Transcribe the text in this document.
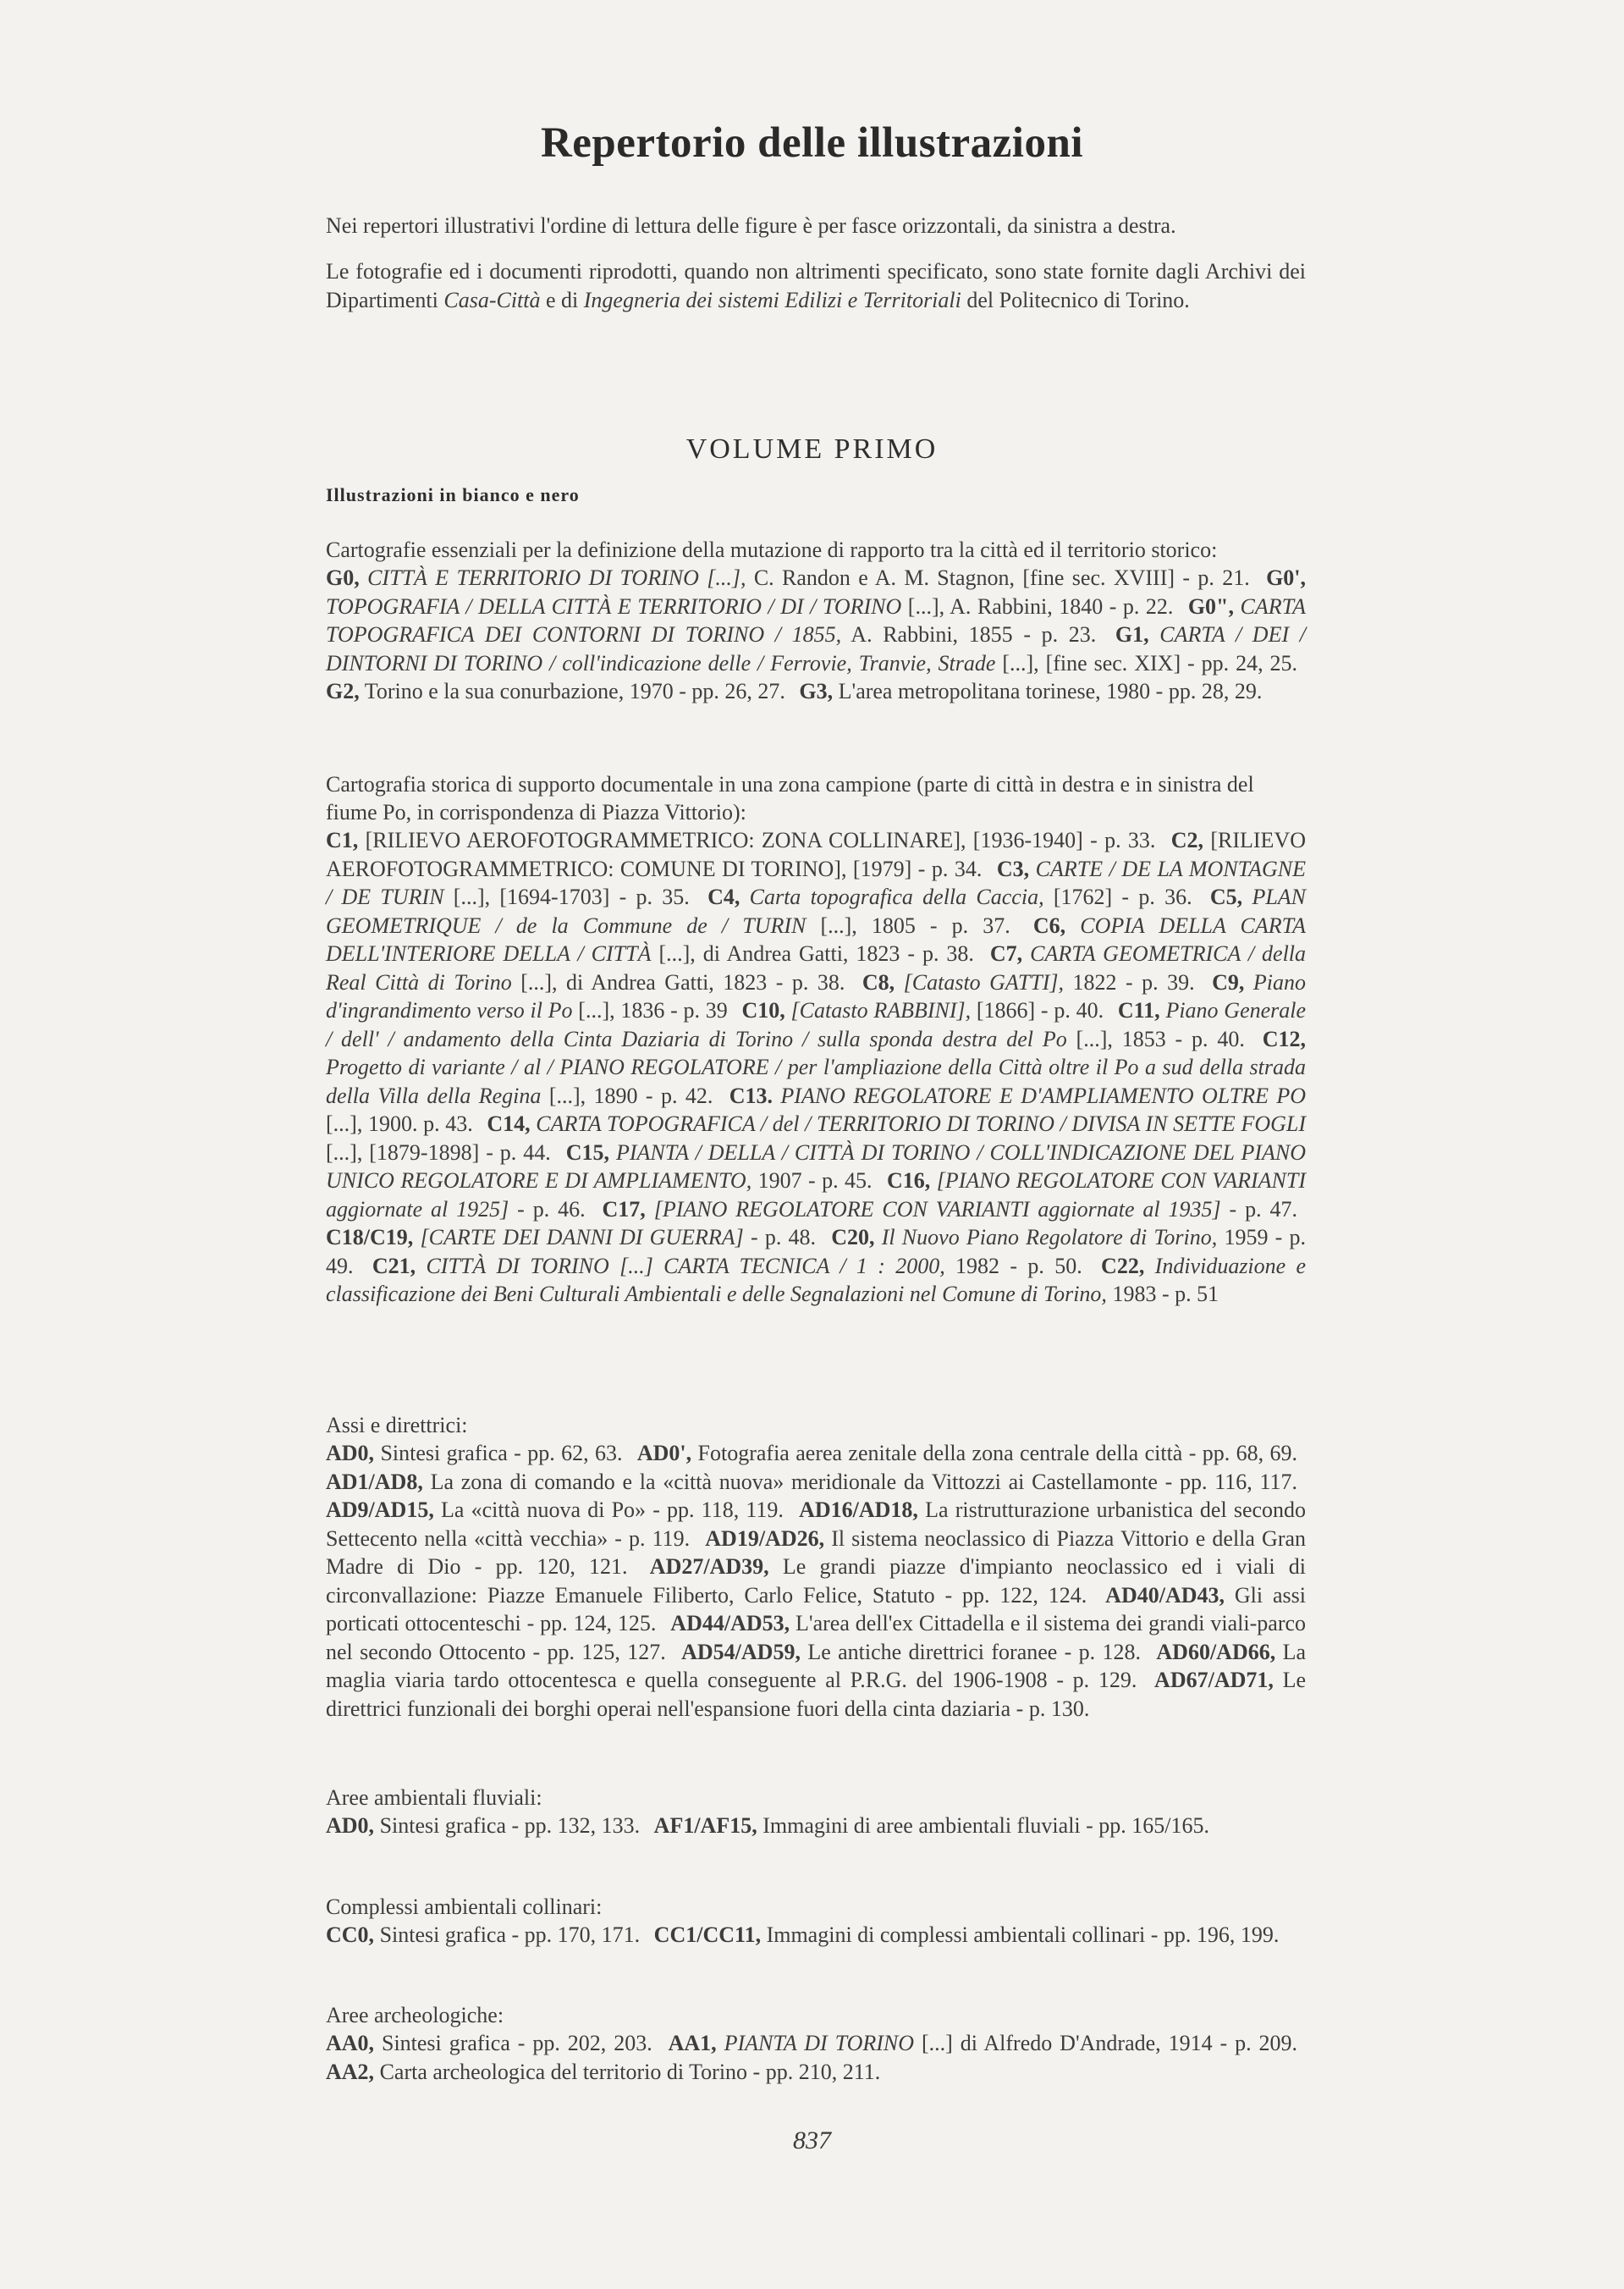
Repertorio delle illustrazioni

Nei repertori illustrativi l'ordine di lettura delle figure è per fasce orizzontali, da sinistra a destra.

Le fotografie ed i documenti riprodotti, quando non altrimenti specificato, sono state fornite dagli Archivi dei Dipartimenti Casa-Città e di Ingegneria dei sistemi Edilizi e Territoriali del Politecnico di Torino.

VOLUME PRIMO
Illustrazioni in bianco e nero

Cartografie essenziali per la definizione della mutazione di rapporto tra la città ed il territorio storico:

G0, CITTÀ E TERRITORIO DI TORINO [...], C. Randon e A. M. Stagnon, [fine sec. XVIII] - p. 21. G0', TOPOGRAFIA / DELLA CITTÀ E TERRITORIO / DI / TORINO [...], A. Rabbini, 1840 - p. 22. G0", CARTA TOPOGRAFICA DEI CONTORNI DI TORINO / 1855, A. Rabbini, 1855 - p. 23. G1, CARTA / DEI / DINTORNI DI TORINO / coll'indicazione delle / Ferrovie, Tranvie, Strade [...], [fine sec. XIX] - pp. 24, 25. G2, Torino e la sua conurbazione, 1970 - pp. 26, 27. G3, L'area metropolitana torinese, 1980 - pp. 28, 29.

Cartografia storica di supporto documentale in una zona campione (parte di città in destra e in sinistra del fiume Po, in corrispondenza di Piazza Vittorio):

C1, [RILIEVO AEROFOTOGRAMMETRICO: ZONA COLLINARE], [1936-1940] - p. 33. C2, [RILIEVO AEROFOTOGRAMMETRICO: COMUNE DI TORINO], [1979] - p. 34. C3, CARTE / DE LA MONTAGNE / DE TURIN [...], [1694-1703] - p. 35. C4, Carta topografica della Caccia, [1762] - p. 36. C5, PLAN GEOMETRIQUE / de la Commune de / TURIN [...], 1805 - p. 37. C6, COPIA DELLA CARTA DELL'INTERIORE DELLA / CITTÀ [...], di Andrea Gatti, 1823 - p. 38. C7, CARTA GEOMETRICA / della Real Città di Torino [...], di Andrea Gatti, 1823 - p. 38. C8, [Catasto GATTI], 1822 - p. 39. C9, Piano d'ingrandimento verso il Po [...], 1836 - p. 39 C10, [Catasto RABBINI], [1866] - p. 40. C11, Piano Generale / dell' / andamento della Cinta Daziaria di Torino / sulla sponda destra del Po [...], 1853 - p. 40. C12, Progetto di variante / al / PIANO REGOLATORE / per l'ampliazione della Città oltre il Po a sud della strada della Villa della Regina [...], 1890 - p. 42. C13. PIANO REGOLATORE E D'AMPLIAMENTO OLTRE PO [...], 1900. p. 43. C14, CARTA TOPOGRAFICA / del / TERRITORIO DI TORINO / DIVISA IN SETTE FOGLI [...], [1879-1898] - p. 44. C15, PIANTA / DELLA / CITTÀ DI TORINO / COLL'INDICAZIONE DEL PIANO UNICO REGOLATORE E DI AMPLIAMENTO, 1907 - p. 45. C16, [PIANO REGOLATORE CON VARIANTI aggiornate al 1925] - p. 46. C17, [PIANO REGOLATORE CON VARIANTI aggiornate al 1935] - p. 47. C18/C19, [CARTE DEI DANNI DI GUERRA] - p. 48. C20, Il Nuovo Piano Regolatore di Torino, 1959 - p. 49. C21, CITTÀ DI TORINO [...] CARTA TECNICA / 1 : 2000, 1982 - p. 50. C22, Individuazione e classificazione dei Beni Culturali Ambientali e delle Segnalazioni nel Comune di Torino, 1983 - p. 51

Assi e direttrici:

AD0, Sintesi grafica - pp. 62, 63. AD0', Fotografia aerea zenitale della zona centrale della città - pp. 68, 69. AD1/AD8, La zona di comando e la «città nuova» meridionale da Vittozzi ai Castellamonte - pp. 116, 117. AD9/AD15, La «città nuova di Po» - pp. 118, 119. AD16/AD18, La ristrutturazione urbanistica del secondo Settecento nella «città vecchia» - p. 119. AD19/AD26, Il sistema neoclassico di Piazza Vittorio e della Gran Madre di Dio - pp. 120, 121. AD27/AD39, Le grandi piazze d'impianto neoclassico ed i viali di circonvallazione: Piazze Emanuele Filiberto, Carlo Felice, Statuto - pp. 122, 124. AD40/AD43, Gli assi porticati ottocenteschi - pp. 124, 125. AD44/AD53, L'area dell'ex Cittadella e il sistema dei grandi viali-parco nel secondo Ottocento - pp. 125, 127. AD54/AD59, Le antiche direttrici foranee - p. 128. AD60/AD66, La maglia viaria tardo ottocentesca e quella conseguente al P.R.G. del 1906-1908 - p. 129. AD67/AD71, Le direttrici funzionali dei borghi operai nell'espansione fuori della cinta daziaria - p. 130.

Aree ambientali fluviali:

AD0, Sintesi grafica - pp. 132, 133. AF1/AF15, Immagini di aree ambientali fluviali - pp. 165/165.

Complessi ambientali collinari:

CC0, Sintesi grafica - pp. 170, 171. CC1/CC11, Immagini di complessi ambientali collinari - pp. 196, 199.

Aree archeologiche:

AA0, Sintesi grafica - pp. 202, 203. AA1, PIANTA DI TORINO [...] di Alfredo D'Andrade, 1914 - p. 209. AA2, Carta archeologica del territorio di Torino - pp. 210, 211.

837
